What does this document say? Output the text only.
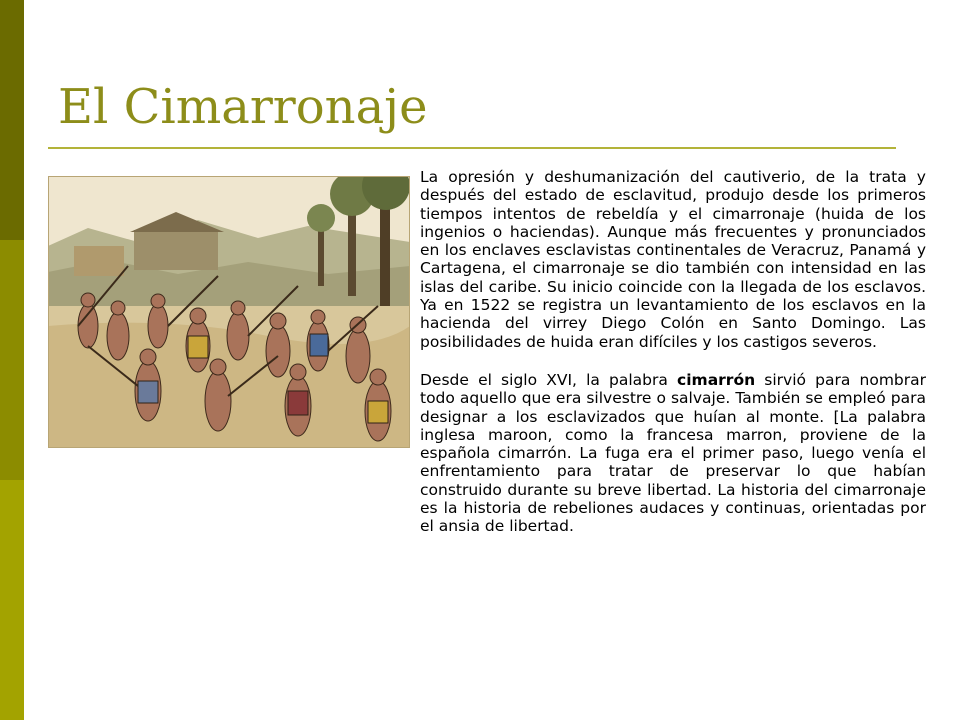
El Cimarronaje

La opresión y deshumanización del cautiverio, de la trata y después del estado de esclavitud, produjo desde los primeros tiempos intentos de rebeldía y el cimarronaje (huida de los ingenios o haciendas). Aunque más frecuentes y pronunciados en los enclaves esclavistas continentales de Veracruz, Panamá y Cartagena, el cimarronaje se dio también con intensidad en las islas del caribe. Su inicio coincide con la llegada de los esclavos. Ya en 1522 se registra un levantamiento de los esclavos en la hacienda del virrey Diego Colón en Santo Domingo. Las posibilidades de huida eran difíciles y los castigos severos.

Desde el siglo XVI, la palabra cimarrón sirvió para nombrar todo aquello que era silvestre o salvaje. También se empleó para designar a los esclavizados que huían al monte. [La palabra inglesa maroon, como la francesa marron, proviene de la española cimarrón. La fuga era el primer paso, luego venía el enfrentamiento para tratar de preservar lo que habían construido durante su breve libertad. La historia del cimarronaje es la historia de rebeliones audaces y continuas, orientadas por el ansia de libertad.
